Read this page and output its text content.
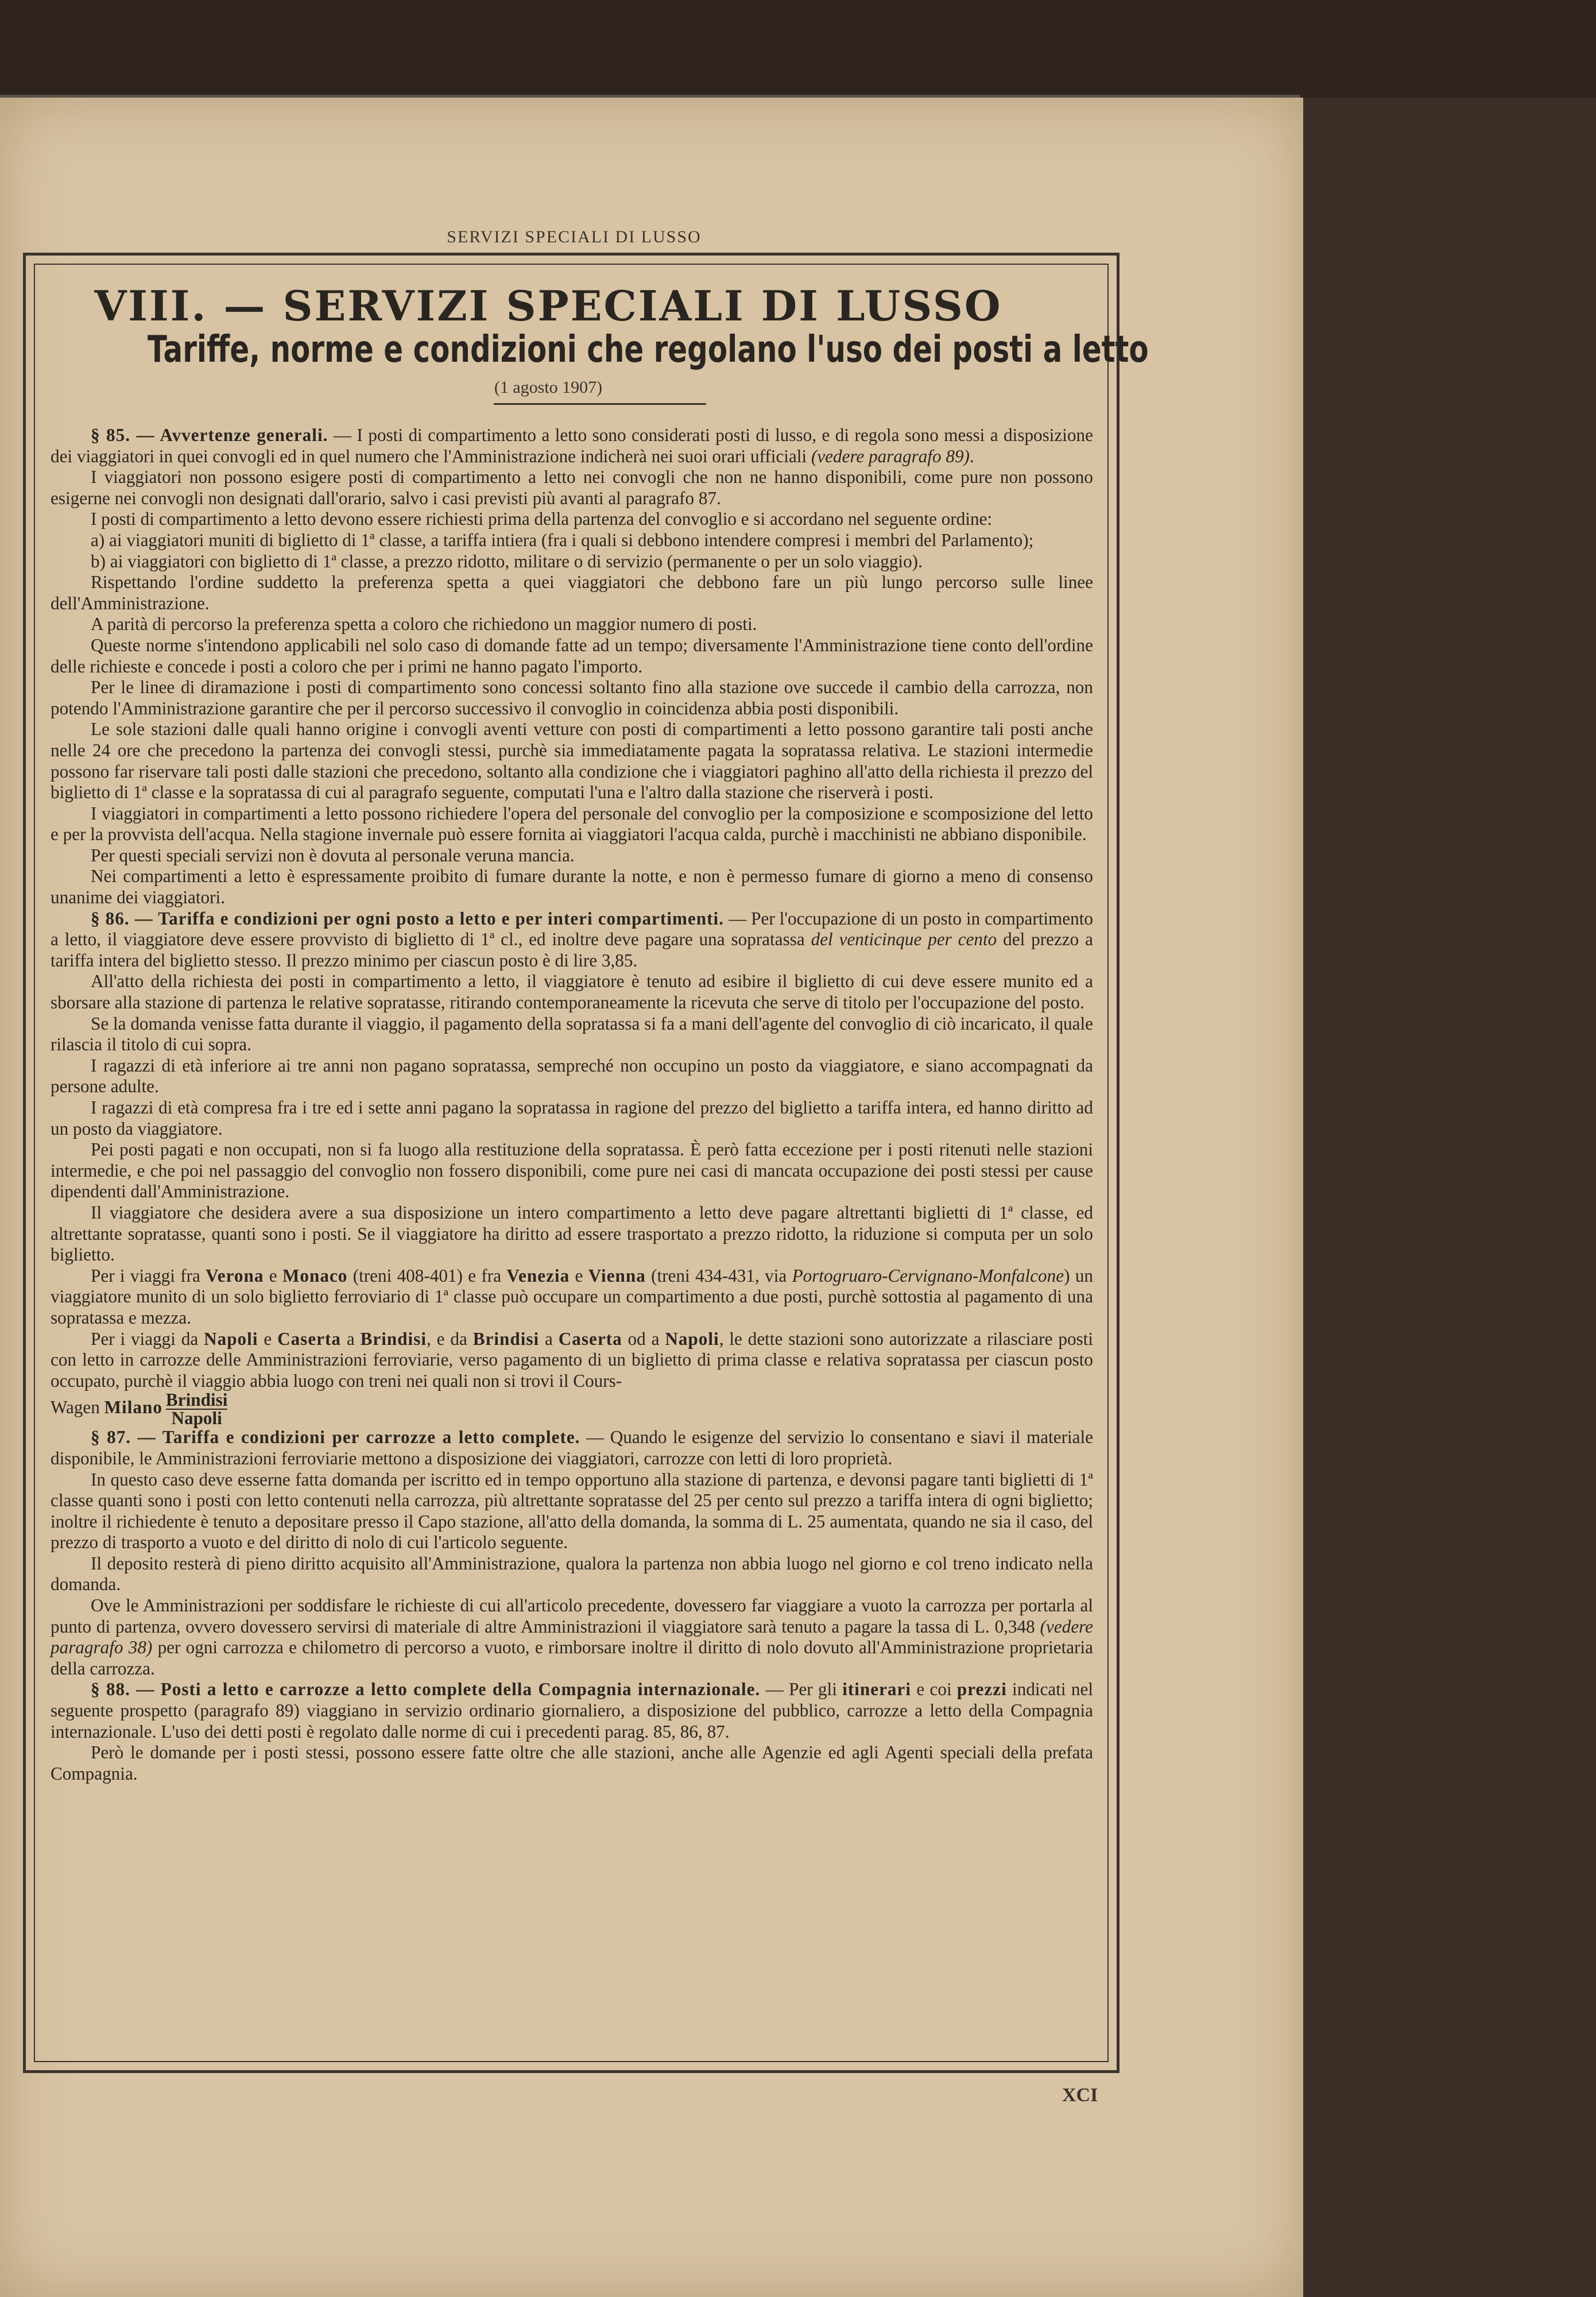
SERVIZI SPECIALI DI LUSSO
VIII. — SERVIZI SPECIALI DI LUSSO
Tariffe, norme e condizioni che regolano l'uso dei posti a letto
(1 agosto 1907)

§ 85. — Avvertenze generali. — I posti di compartimento a letto sono considerati posti di lusso, e di regola sono messi a disposizione dei viaggiatori in quei convogli ed in quel numero che l'Amministrazione indicherà nei suoi orari ufficiali (vedere paragrafo 89).

I viaggiatori non possono esigere posti di compartimento a letto nei convogli che non ne hanno disponibili, come pure non possono esigerne nei convogli non designati dall'orario, salvo i casi previsti più avanti al paragrafo 87.

I posti di compartimento a letto devono essere richiesti prima della partenza del convoglio e si accordano nel seguente ordine:

a) ai viaggiatori muniti di biglietto di 1ª classe, a tariffa intiera (fra i quali si debbono intendere compresi i membri del Parlamento);

b) ai viaggiatori con biglietto di 1ª classe, a prezzo ridotto, militare o di servizio (permanente o per un solo viaggio).

Rispettando l'ordine suddetto la preferenza spetta a quei viaggiatori che debbono fare un più lungo percorso sulle linee dell'Amministrazione.

A parità di percorso la preferenza spetta a coloro che richiedono un maggior numero di posti.

Queste norme s'intendono applicabili nel solo caso di domande fatte ad un tempo; diversamente l'Amministrazione tiene conto dell'ordine delle richieste e concede i posti a coloro che per i primi ne hanno pagato l'importo.

Per le linee di diramazione i posti di compartimento sono concessi soltanto fino alla stazione ove succede il cambio della carrozza, non potendo l'Amministrazione garantire che per il percorso successivo il convoglio in coincidenza abbia posti disponibili.

Le sole stazioni dalle quali hanno origine i convogli aventi vetture con posti di compartimenti a letto possono garantire tali posti anche nelle 24 ore che precedono la partenza dei convogli stessi, purchè sia immediatamente pagata la sopratassa relativa. Le stazioni intermedie possono far riservare tali posti dalle stazioni che precedono, soltanto alla condizione che i viaggiatori paghino all'atto della richiesta il prezzo del biglietto di 1ª classe e la sopratassa di cui al paragrafo seguente, computati l'una e l'altro dalla stazione che riserverà i posti.

I viaggiatori in compartimenti a letto possono richiedere l'opera del personale del convoglio per la composizione e scomposizione del letto e per la provvista dell'acqua. Nella stagione invernale può essere fornita ai viaggiatori l'acqua calda, purchè i macchinisti ne abbiano disponibile.

Per questi speciali servizi non è dovuta al personale veruna mancia.

Nei compartimenti a letto è espressamente proibito di fumare durante la notte, e non è permesso fumare di giorno a meno di consenso unanime dei viaggiatori.

§ 86. — Tariffa e condizioni per ogni posto a letto e per interi compartimenti. — Per l'occupazione di un posto in compartimento a letto, il viaggiatore deve essere provvisto di biglietto di 1ª cl., ed inoltre deve pagare una sopratassa del venticinque per cento del prezzo a tariffa intera del biglietto stesso. Il prezzo minimo per ciascun posto è di lire 3,85.

All'atto della richiesta dei posti in compartimento a letto, il viaggiatore è tenuto ad esibire il biglietto di cui deve essere munito ed a sborsare alla stazione di partenza le relative sopratasse, ritirando contemporaneamente la ricevuta che serve di titolo per l'occupazione del posto.

Se la domanda venisse fatta durante il viaggio, il pagamento della sopratassa si fa a mani dell'agente del convoglio di ciò incaricato, il quale rilascia il titolo di cui sopra.

I ragazzi di età inferiore ai tre anni non pagano sopratassa, sempreché non occupino un posto da viaggiatore, e siano accompagnati da persone adulte.

I ragazzi di età compresa fra i tre ed i sette anni pagano la sopratassa in ragione del prezzo del biglietto a tariffa intera, ed hanno diritto ad un posto da viaggiatore.

Pei posti pagati e non occupati, non si fa luogo alla restituzione della sopratassa. È però fatta eccezione per i posti ritenuti nelle stazioni intermedie, e che poi nel passaggio del convoglio non fossero disponibili, come pure nei casi di mancata occupazione dei posti stessi per cause dipendenti dall'Amministrazione.

Il viaggiatore che desidera avere a sua disposizione un intero compartimento a letto deve pagare altrettanti biglietti di 1ª classe, ed altrettante sopratasse, quanti sono i posti. Se il viaggiatore ha diritto ad essere trasportato a prezzo ridotto, la riduzione si computa per un solo biglietto.

Per i viaggi fra Verona e Monaco (treni 408-401) e fra Venezia e Vienna (treni 434-431, via Portogruaro-Cervignano-Monfalcone) un viaggiatore munito di un solo biglietto ferroviario di 1ª classe può occupare un compartimento a due posti, purchè sottostia al pagamento di una sopratassa e mezza.

Per i viaggi da Napoli e Caserta a Brindisi, e da Brindisi a Caserta od a Napoli, le dette stazioni sono autorizzate a rilasciare posti con letto in carrozze delle Amministrazioni ferroviarie, verso pagamento di un biglietto di prima classe e relativa sopratassa per ciascun posto occupato, purchè il viaggio abbia luogo con treni nei quali non si trovi il Cours-

Wagen Milano $\frac{\text{Brindisi}}{\text{Napoli}}$

§ 87. — Tariffa e condizioni per carrozze a letto complete. — Quando le esigenze del servizio lo consentano e siavi il materiale disponibile, le Amministrazioni ferroviarie mettono a disposizione dei viaggiatori, carrozze con letti di loro proprietà.

In questo caso deve esserne fatta domanda per iscritto ed in tempo opportuno alla stazione di partenza, e devonsi pagare tanti biglietti di 1ª classe quanti sono i posti con letto contenuti nella carrozza, più altrettante sopratasse del 25 per cento sul prezzo a tariffa intera di ogni biglietto; inoltre il richiedente è tenuto a depositare presso il Capo stazione, all'atto della domanda, la somma di L. 25 aumentata, quando ne sia il caso, del prezzo di trasporto a vuoto e del diritto di nolo di cui l'articolo seguente.

Il deposito resterà di pieno diritto acquisito all'Amministrazione, qualora la partenza non abbia luogo nel giorno e col treno indicato nella domanda.

Ove le Amministrazioni per soddisfare le richieste di cui all'articolo precedente, dovessero far viaggiare a vuoto la carrozza per portarla al punto di partenza, ovvero dovessero servirsi di materiale di altre Amministrazioni il viaggiatore sarà tenuto a pagare la tassa di L. 0,348 (vedere paragrafo 38) per ogni carrozza e chilometro di percorso a vuoto, e rimborsare inoltre il diritto di nolo dovuto all'Amministrazione proprietaria della carrozza.

§ 88. — Posti a letto e carrozze a letto complete della Compagnia internazionale. — Per gli itinerari e coi prezzi indicati nel seguente prospetto (paragrafo 89) viaggiano in servizio ordinario giornaliero, a disposizione del pubblico, carrozze a letto della Compagnia internazionale. L'uso dei detti posti è regolato dalle norme di cui i precedenti parag. 85, 86, 87.

Però le domande per i posti stessi, possono essere fatte oltre che alle stazioni, anche alle Agenzie ed agli Agenti speciali della prefata Compagnia.

XCI
